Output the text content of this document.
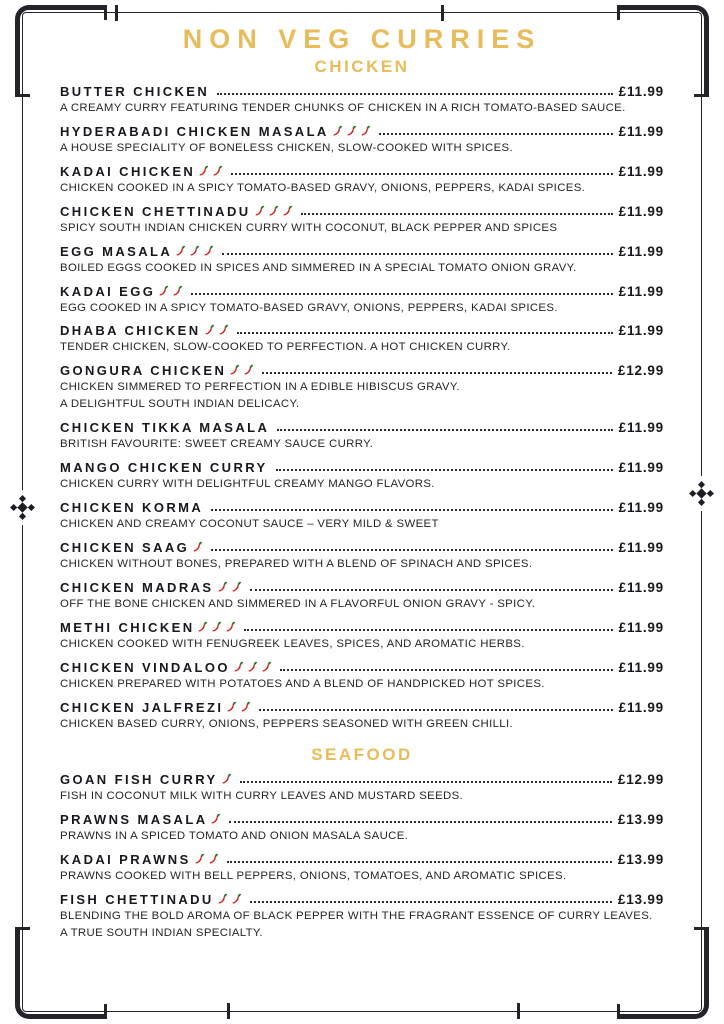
NON VEG CURRIES
CHICKEN
BUTTER CHICKEN	£11.99
A CREAMY CURRY FEATURING TENDER CHUNKS OF CHICKEN IN A RICH TOMATO-BASED SAUCE.
HYDERABADI CHICKEN MASALA	£11.99
A HOUSE SPECIALITY OF BONELESS CHICKEN, SLOW-COOKED WITH SPICES.
KADAI CHICKEN	£11.99
CHICKEN COOKED IN A SPICY TOMATO-BASED GRAVY, ONIONS, PEPPERS, KADAI SPICES.
CHICKEN CHETTINADU	£11.99
SPICY SOUTH INDIAN CHICKEN CURRY WITH COCONUT, BLACK PEPPER AND SPICES
EGG MASALA	£11.99
BOILED EGGS COOKED IN SPICES AND SIMMERED IN A SPECIAL TOMATO ONION GRAVY.
KADAI EGG	£11.99
EGG COOKED IN A SPICY TOMATO-BASED GRAVY, ONIONS, PEPPERS, KADAI SPICES.
DHABA CHICKEN	£11.99
TENDER CHICKEN, SLOW-COOKED TO PERFECTION. A HOT CHICKEN CURRY.
GONGURA CHICKEN	£12.99
CHICKEN SIMMERED TO PERFECTION IN A EDIBLE HIBISCUS GRAVY.
A DELIGHTFUL SOUTH INDIAN DELICACY.
CHICKEN TIKKA MASALA	£11.99
BRITISH FAVOURITE: SWEET CREAMY SAUCE CURRY.
MANGO CHICKEN CURRY	£11.99
CHICKEN CURRY WITH DELIGHTFUL CREAMY MANGO FLAVORS.
CHICKEN KORMA	£11.99
CHICKEN AND CREAMY COCONUT SAUCE – VERY MILD & SWEET
CHICKEN SAAG	£11.99
CHICKEN WITHOUT BONES, PREPARED WITH A BLEND OF SPINACH AND SPICES.
CHICKEN MADRAS	£11.99
OFF THE BONE CHICKEN AND SIMMERED IN A FLAVORFUL ONION GRAVY - SPICY.
METHI CHICKEN	£11.99
CHICKEN COOKED WITH FENUGREEK LEAVES, SPICES, AND AROMATIC HERBS.
CHICKEN VINDALOO	£11.99
CHICKEN PREPARED WITH POTATOES AND A BLEND OF HANDPICKED HOT SPICES.
CHICKEN JALFREZI	£11.99
CHICKEN BASED CURRY, ONIONS, PEPPERS SEASONED WITH GREEN CHILLI.
SEAFOOD
GOAN FISH CURRY	£12.99
FISH IN COCONUT MILK WITH CURRY LEAVES AND MUSTARD SEEDS.
PRAWNS MASALA	£13.99
PRAWNS IN A SPICED TOMATO AND ONION MASALA SAUCE.
KADAI PRAWNS	£13.99
PRAWNS COOKED WITH BELL PEPPERS, ONIONS, TOMATOES, AND AROMATIC SPICES.
FISH CHETTINADU	£13.99
BLENDING THE BOLD AROMA OF BLACK PEPPER WITH THE FRAGRANT ESSENCE OF CURRY LEAVES.
A TRUE SOUTH INDIAN SPECIALTY.
